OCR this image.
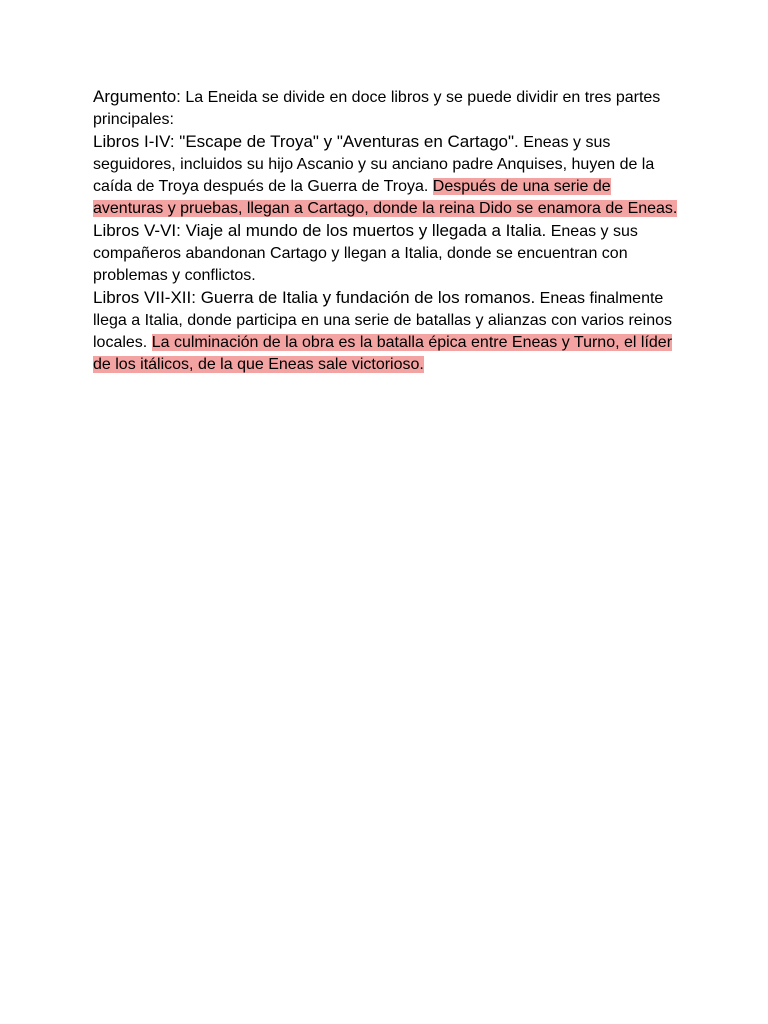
Argumento: La Eneida se divide en doce libros y se puede dividir en tres partes principales:

Libros I-IV: "Escape de Troya" y "Aventuras en Cartago". Eneas y sus seguidores, incluidos su hijo Ascanio y su anciano padre Anquises, huyen de la caída de Troya después de la Guerra de Troya. Después de una serie de aventuras y pruebas, llegan a Cartago, donde la reina Dido se enamora de Eneas.

Libros V-VI: Viaje al mundo de los muertos y llegada a Italia. Eneas y sus compañeros abandonan Cartago y llegan a Italia, donde se encuentran con problemas y conflictos.

Libros VII-XII: Guerra de Italia y fundación de los romanos. Eneas finalmente llega a Italia, donde participa en una serie de batallas y alianzas con varios reinos locales. La culminación de la obra es la batalla épica entre Eneas y Turno, el líder de los itálicos, de la que Eneas sale victorioso.
